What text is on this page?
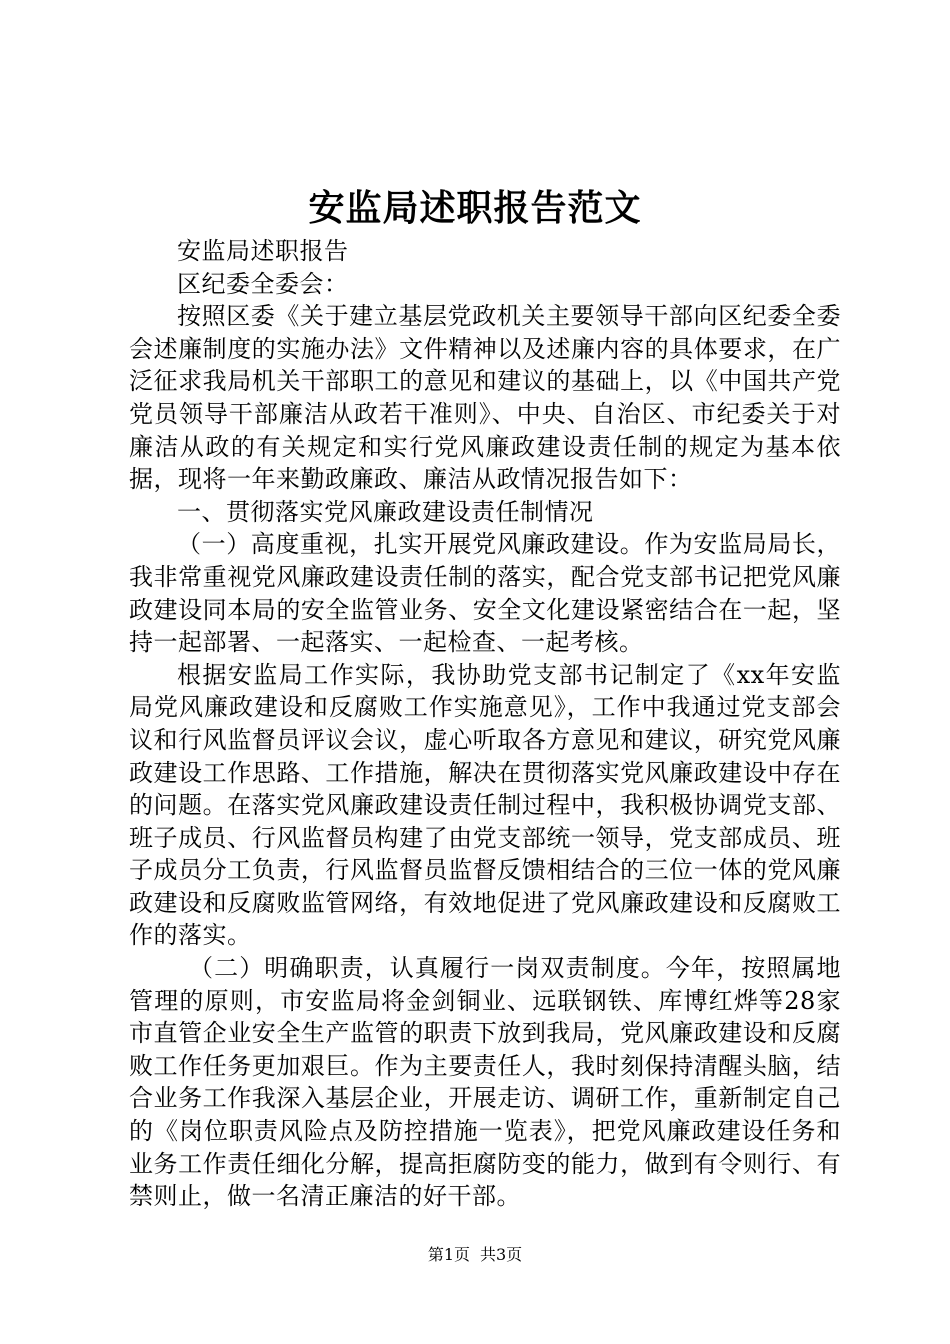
安监局述职报告范文

安监局述职报告

区纪委全委会：

按照区委《关于建立基层党政机关主要领导干部向区纪委全委会述廉制度的实施办法》文件精神以及述廉内容的具体要求，在广泛征求我局机关干部职工的意见和建议的基础上，以《中国共产党党员领导干部廉洁从政若干准则》、中央、自治区、市纪委关于对廉洁从政的有关规定和实行党风廉政建设责任制的规定为基本依据，现将一年来勤政廉政、廉洁从政情况报告如下：

一、贯彻落实党风廉政建设责任制情况

（一）高度重视，扎实开展党风廉政建设。作为安监局局长，我非常重视党风廉政建设责任制的落实，配合党支部书记把党风廉政建设同本局的安全监管业务、安全文化建设紧密结合在一起，坚持一起部署、一起落实、一起检查、一起考核。

根据安监局工作实际，我协助党支部书记制定了《xx年安监局党风廉政建设和反腐败工作实施意见》，工作中我通过党支部会议和行风监督员评议会议，虚心听取各方意见和建议，研究党风廉政建设工作思路、工作措施，解决在贯彻落实党风廉政建设中存在的问题。在落实党风廉政建设责任制过程中，我积极协调党支部、班子成员、行风监督员构建了由党支部统一领导，党支部成员、班子成员分工负责，行风监督员监督反馈相结合的三位一体的党风廉政建设和反腐败监管网络，有效地促进了党风廉政建设和反腐败工作的落实。

（二）明确职责，认真履行一岗双责制度。今年，按照属地管理的原则，市安监局将金剑铜业、远联钢铁、库博红烨等28家市直管企业安全生产监管的职责下放到我局，党风廉政建设和反腐败工作任务更加艰巨。作为主要责任人，我时刻保持清醒头脑，结合业务工作我深入基层企业，开展走访、调研工作，重新制定自己的《岗位职责风险点及防控措施一览表》，把党风廉政建设任务和业务工作责任细化分解，提高拒腐防变的能力，做到有令则行、有禁则止，做一名清正廉洁的好干部。

第1页 共3页
